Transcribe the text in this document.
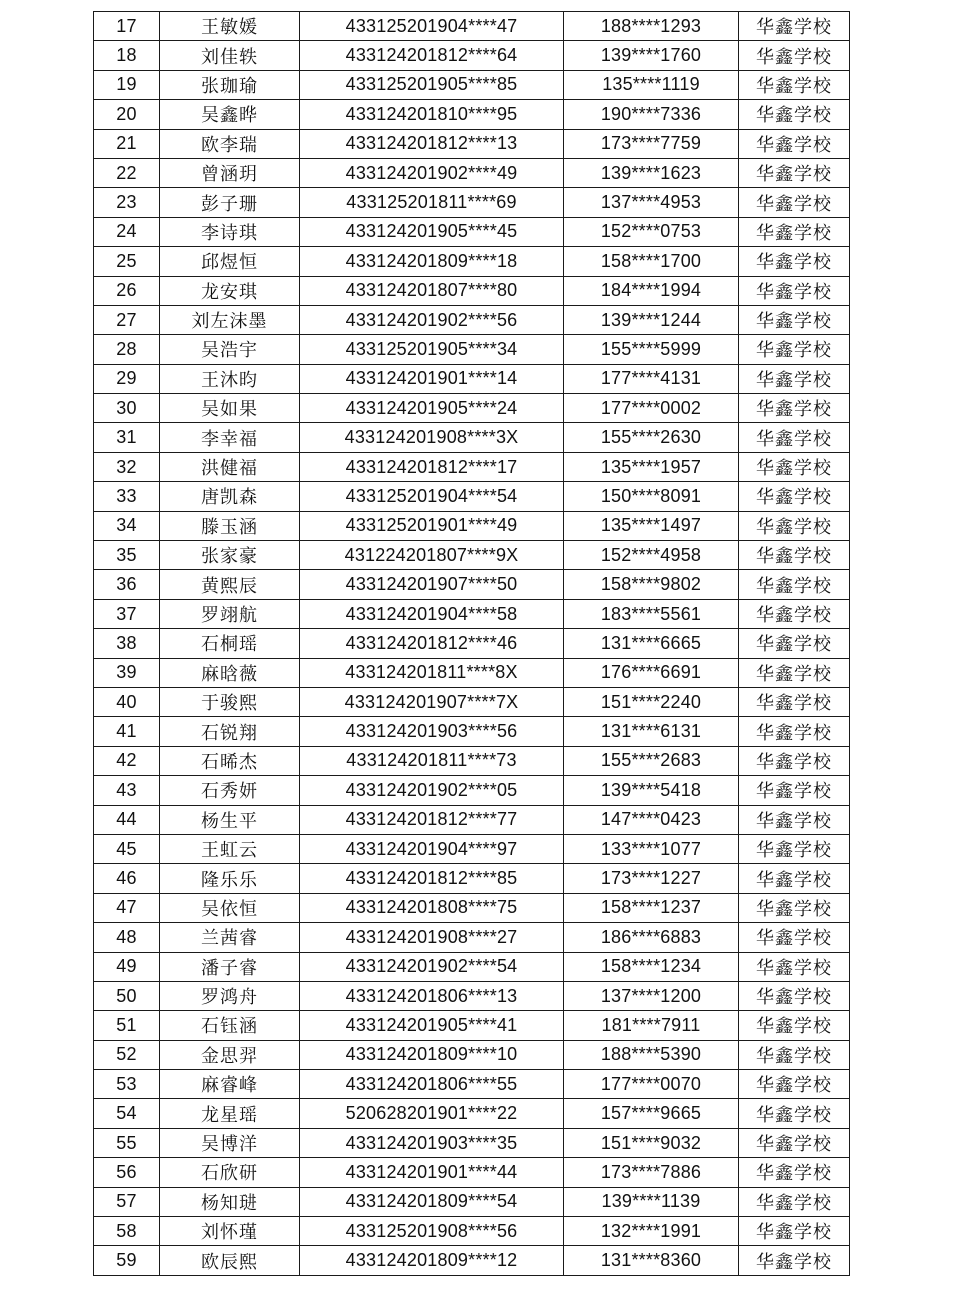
17	王敏媛	433125201904****47	188****1293	华鑫学校
18	刘佳轶	433124201812****64	139****1760	华鑫学校
19	张珈瑜	433125201905****85	135****1119	华鑫学校
20	吴鑫晔	433124201810****95	190****7336	华鑫学校
21	欧李瑞	433124201812****13	173****7759	华鑫学校
22	曾涵玥	433124201902****49	139****1623	华鑫学校
23	彭子珊	433125201811****69	137****4953	华鑫学校
24	李诗琪	433124201905****45	152****0753	华鑫学校
25	邱煜恒	433124201809****18	158****1700	华鑫学校
26	龙安琪	433124201807****80	184****1994	华鑫学校
27	刘左沫墨	433124201902****56	139****1244	华鑫学校
28	吴浩宇	433125201905****34	155****5999	华鑫学校
29	王沐昀	433124201901****14	177****4131	华鑫学校
30	吴如果	433124201905****24	177****0002	华鑫学校
31	李幸福	433124201908****3X	155****2630	华鑫学校
32	洪健福	433124201812****17	135****1957	华鑫学校
33	唐凯森	433125201904****54	150****8091	华鑫学校
34	滕玉涵	433125201901****49	135****1497	华鑫学校
35	张家豪	431224201807****9X	152****4958	华鑫学校
36	黄熙辰	433124201907****50	158****9802	华鑫学校
37	罗翊航	433124201904****58	183****5561	华鑫学校
38	石桐瑶	433124201812****46	131****6665	华鑫学校
39	麻晗薇	433124201811****8X	176****6691	华鑫学校
40	于骏熙	433124201907****7X	151****2240	华鑫学校
41	石锐翔	433124201903****56	131****6131	华鑫学校
42	石晞杰	433124201811****73	155****2683	华鑫学校
43	石秀妍	433124201902****05	139****5418	华鑫学校
44	杨生平	433124201812****77	147****0423	华鑫学校
45	王虹云	433124201904****97	133****1077	华鑫学校
46	隆乐乐	433124201812****85	173****1227	华鑫学校
47	吴依恒	433124201808****75	158****1237	华鑫学校
48	兰茜睿	433124201908****27	186****6883	华鑫学校
49	潘子睿	433124201902****54	158****1234	华鑫学校
50	罗鸿舟	433124201806****13	137****1200	华鑫学校
51	石钰涵	433124201905****41	181****7911	华鑫学校
52	金思羿	433124201809****10	188****5390	华鑫学校
53	麻睿峰	433124201806****55	177****0070	华鑫学校
54	龙星瑶	520628201901****22	157****9665	华鑫学校
55	吴博洋	433124201903****35	151****9032	华鑫学校
56	石欣研	433124201901****44	173****7886	华鑫学校
57	杨知琎	433124201809****54	139****1139	华鑫学校
58	刘怀瑾	433125201908****56	132****1991	华鑫学校
59	欧辰熙	433124201809****12	131****8360	华鑫学校
